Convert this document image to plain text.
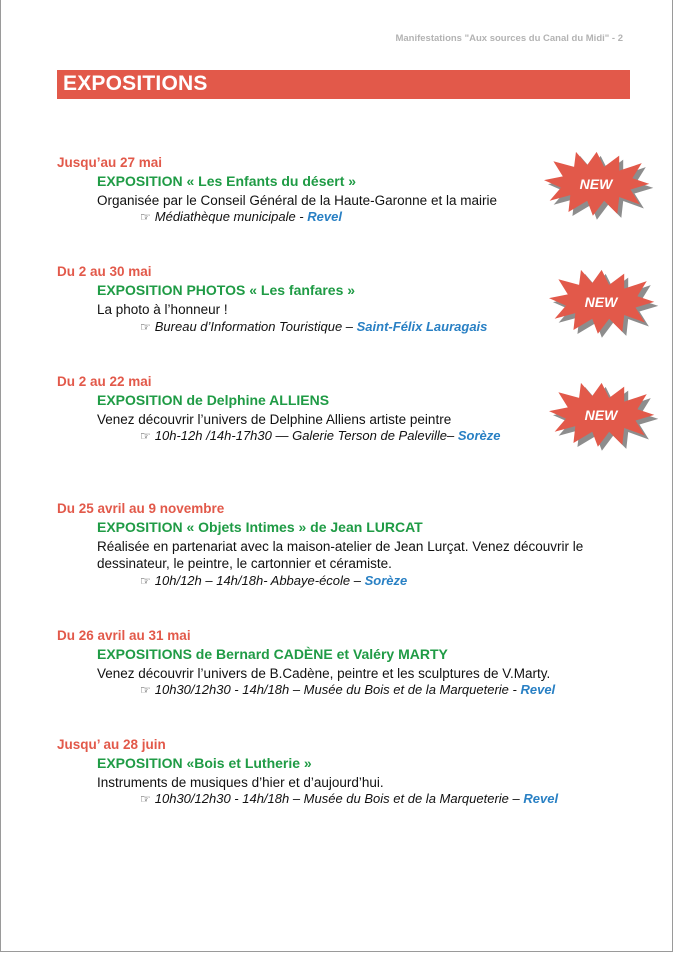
Manifestations "Aux sources du Canal du Midi" - 2
EXPOSITIONS
Jusqu’au 27 mai
EXPOSITION « Les Enfants du désert »
Organisée par le Conseil Général de la Haute-Garonne et la mairie
☞ Médiathèque municipale - Revel
Du 2 au 30 mai
EXPOSITION PHOTOS « Les fanfares »
La photo à l’honneur !
☞ Bureau d’Information Touristique – Saint-Félix Lauragais
Du 2 au 22 mai
EXPOSITION de Delphine ALLIENS
Venez découvrir l’univers de Delphine Alliens artiste peintre
☞ 10h-12h /14h-17h30 — Galerie Terson de Paleville– Sorèze
Du 25 avril au 9 novembre
EXPOSITION « Objets Intimes » de Jean LURCAT
Réalisée en partenariat avec la maison-atelier de Jean Lurçat. Venez découvrir le dessinateur, le peintre, le cartonnier et céramiste.
☞ 10h/12h – 14h/18h- Abbaye-école – Sorèze
Du 26 avril au 31 mai
EXPOSITIONS de Bernard CADÈNE et Valéry MARTY
Venez découvrir l’univers de B.Cadène, peintre et les sculptures de V.Marty.
☞ 10h30/12h30 - 14h/18h – Musée du Bois et de la Marqueterie - Revel
Jusqu’ au 28 juin
EXPOSITION «Bois et Lutherie »
Instruments de musiques d’hier et d’aujourd’hui.
☞ 10h30/12h30 - 14h/18h – Musée du Bois et de la Marqueterie – Revel
NEW
NEW
NEW
